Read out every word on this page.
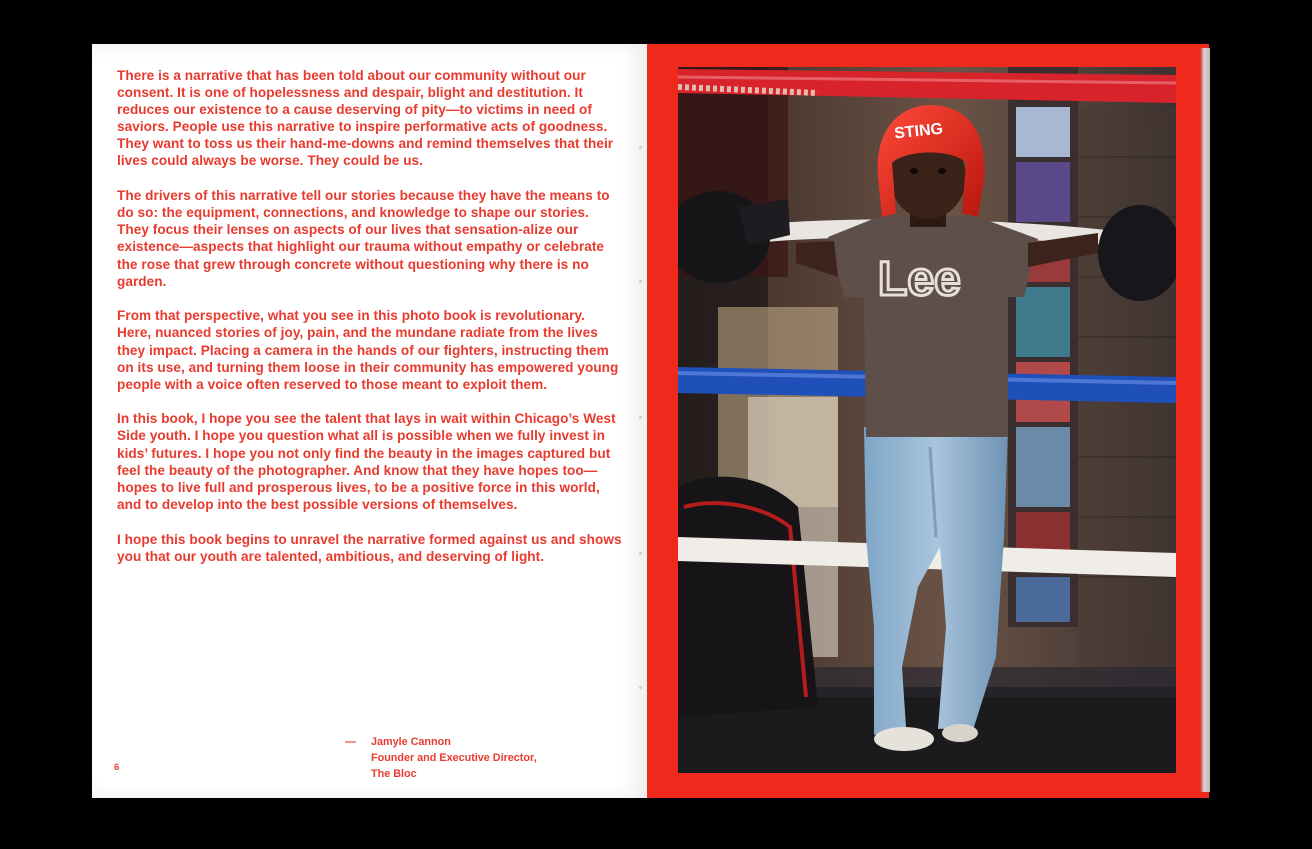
There is a narrative that has been told about our community without our consent. It is one of hopelessness and despair, blight and destitution. It reduces our existence to a cause deserving of pity—to victims in need of saviors. People use this narrative to inspire performative acts of goodness. They want to toss us their hand-me-downs and remind themselves that their lives could always be worse. They could be us.

The drivers of this narrative tell our stories because they have the means to do so: the equipment, connections, and knowledge to shape our stories. They focus their lenses on aspects of our lives that sensation-alize our existence—aspects that highlight our trauma without empathy or celebrate the rose that grew through concrete without questioning why there is no garden.

From that perspective, what you see in this photo book is revolutionary. Here, nuanced stories of joy, pain, and the mundane radiate from the lives they impact. Placing a camera in the hands of our fighters, instructing them on its use, and turning them loose in their community has empowered young people with a voice often reserved to those meant to exploit them.

In this book, I hope you see the talent that lays in wait within Chicago’s West Side youth. I hope you question what all is possible when we fully invest in kids’ futures. I hope you not only find the beauty in the images captured but feel the beauty of the photographer. And know that they have hopes too—hopes to live full and prosperous lives, to be a positive force in this world, and to develop into the best possible versions of themselves.

I hope this book begins to unravel the narrative formed against us and shows you that our youth are talented, ambitious, and deserving of light.

— Jamyle Cannon
Founder and Executive Director,
The Bloc
6
Lee
STING
